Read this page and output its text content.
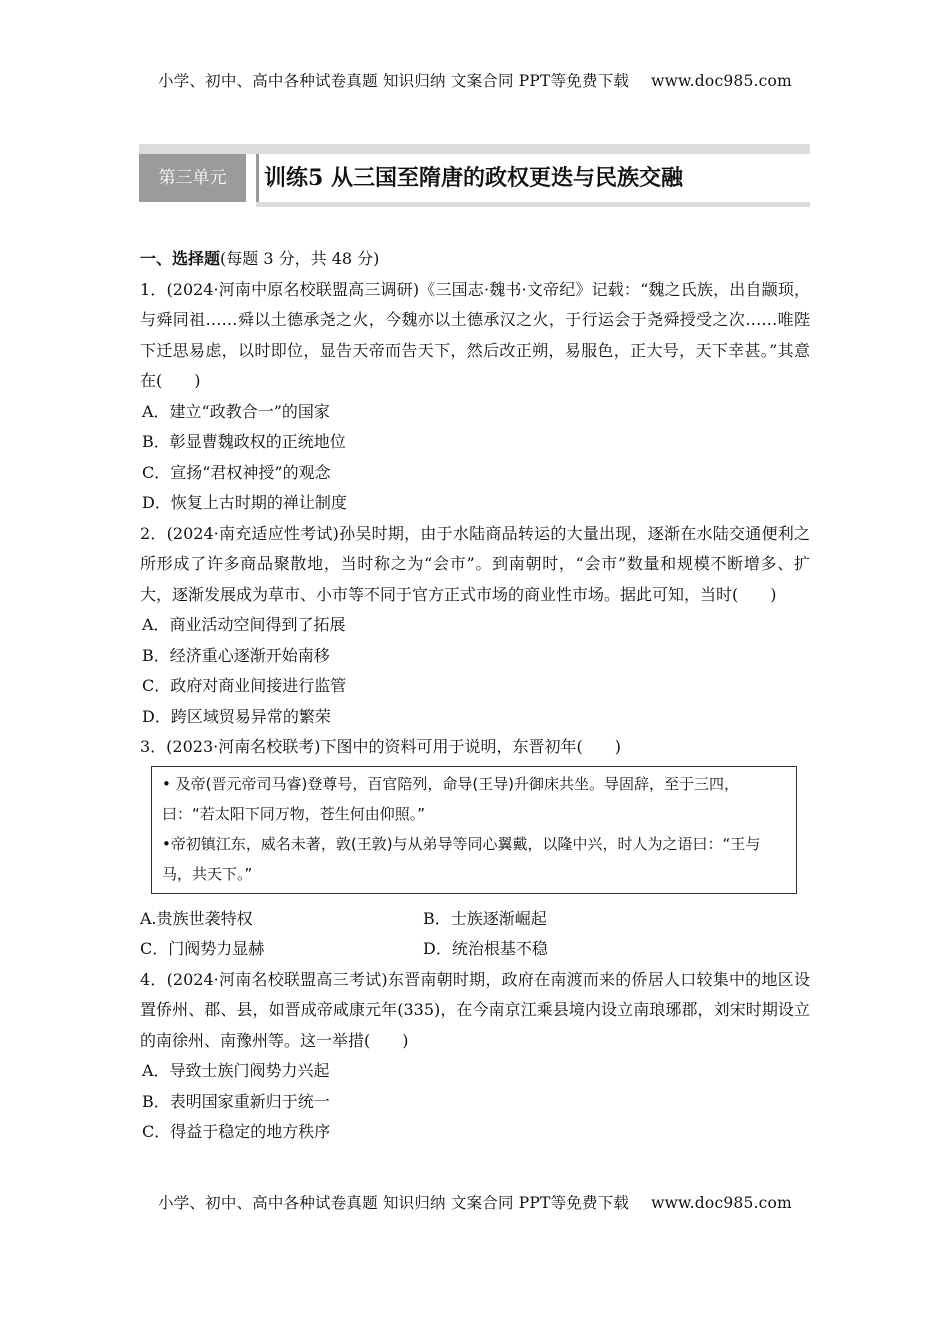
小学、初中、高中各种试卷真题 知识归纳 文案合同 PPT等免费下载 www.doc985.com
第三单元	训练5 从三国至隋唐的政权更迭与民族交融
一、选择题(每题 3 分，共 48 分)
1．(2024·河南中原名校联盟高三调研)《三国志·魏书·文帝纪》记载：“魏之氏族，出自颛顼，与舜同祖……舜以土德承尧之火，今魏亦以土德承汉之火，于行运会于尧舜授受之次……唯陛下迁思易虑，以时即位，显告天帝而告天下，然后改正朔，易服色，正大号，天下幸甚。”其意在(　　)
A．建立“政教合一”的国家
B．彰显曹魏政权的正统地位
C．宣扬“君权神授”的观念
D．恢复上古时期的禅让制度
2．(2024·南充适应性考试)孙吴时期，由于水陆商品转运的大量出现，逐渐在水陆交通便利之所形成了许多商品聚散地，当时称之为“会市”。到南朝时，“会市”数量和规模不断增多、扩大，逐渐发展成为草市、小市等不同于官方正式市场的商业性市场。据此可知，当时(　　)
A．商业活动空间得到了拓展
B．经济重心逐渐开始南移
C．政府对商业间接进行监管
D．跨区域贸易异常的繁荣
3．(2023·河南名校联考)下图中的资料可用于说明，东晋初年(　　)
• 及帝(晋元帝司马睿)登尊号，百官陪列，命导(王导)升御床共坐。导固辞，至于三四，曰：“若太阳下同万物，苍生何由仰照。”
•帝初镇江东，威名未著，敦(王敦)与从弟导等同心翼戴，以隆中兴，时人为之语曰：“王与马，共天下。”
A.贵族世袭特权	B．士族逐渐崛起
C．门阀势力显赫	D．统治根基不稳
4．(2024·河南名校联盟高三考试)东晋南朝时期，政府在南渡而来的侨居人口较集中的地区设置侨州、郡、县，如晋成帝咸康元年(335)，在今南京江乘县境内设立南琅琊郡，刘宋时期设立的南徐州、南豫州等。这一举措(　　)
A．导致士族门阀势力兴起
B．表明国家重新归于统一
C．得益于稳定的地方秩序
小学、初中、高中各种试卷真题 知识归纳 文案合同 PPT等免费下载 www.doc985.com
